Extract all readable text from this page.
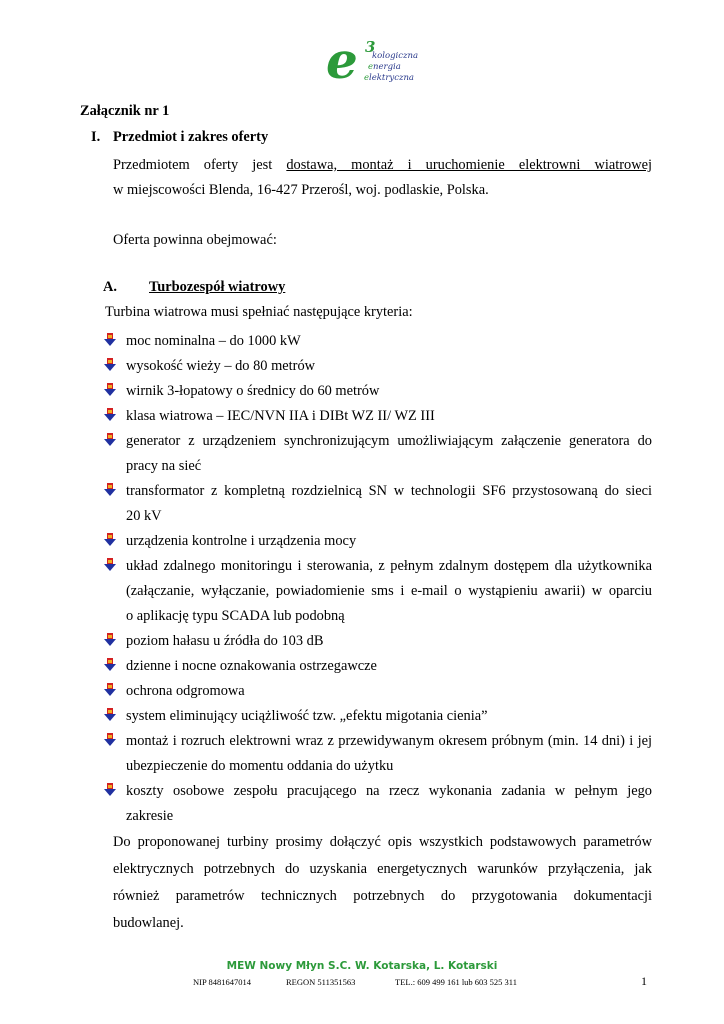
e 3
kologiczna
energia
elektryczna
Załącznik nr 1
I. Przedmiot i zakres oferty
Przedmiotem oferty jest dostawa, montaż i uruchomienie elektrowni wiatrowej
w miejscowości Blenda, 16-427 Przerośl, woj. podlaskie, Polska.
Oferta powinna obejmować:
A. Turbozespół wiatrowy
Turbina wiatrowa musi spełniać następujące kryteria:
moc nominalna – do 1000 kW
wysokość wieży – do 80 metrów
wirnik 3-łopatowy o średnicy do 60 metrów
klasa wiatrowa – IEC/NVN IIA i DIBt WZ II/ WZ III
generator z urządzeniem synchronizującym umożliwiającym załączenie generatora do
pracy na sieć
transformator z kompletną rozdzielnicą SN w technologii SF6 przystosowaną do sieci
20 kV
urządzenia kontrolne i urządzenia mocy
układ zdalnego monitoringu i sterowania, z pełnym zdalnym dostępem dla użytkownika
(załączanie, wyłączanie, powiadomienie sms i e-mail o wystąpieniu awarii) w oparciu
o aplikację typu SCADA lub podobną
poziom hałasu u źródła do 103 dB
dzienne i nocne oznakowania ostrzegawcze
ochrona odgromowa
system eliminujący uciążliwość tzw. „efektu migotania cienia”
montaż i rozruch elektrowni wraz z przewidywanym okresem próbnym (min. 14 dni) i jej
ubezpieczenie do momentu oddania do użytku
koszty osobowe zespołu pracującego na rzecz wykonania zadania w pełnym jego
zakresie
Do proponowanej turbiny prosimy dołączyć opis wszystkich podstawowych parametrów
elektrycznych potrzebnych do uzyskania energetycznych warunków przyłączenia, jak
również parametrów technicznych potrzebnych do przygotowania dokumentacji
budowlanej.
MEW Nowy Młyn S.C. W. Kotarska, L. Kotarski
NIP 8481647014	REGON 511351563	TEL.: 609 499 161 lub 603 525 311	1
